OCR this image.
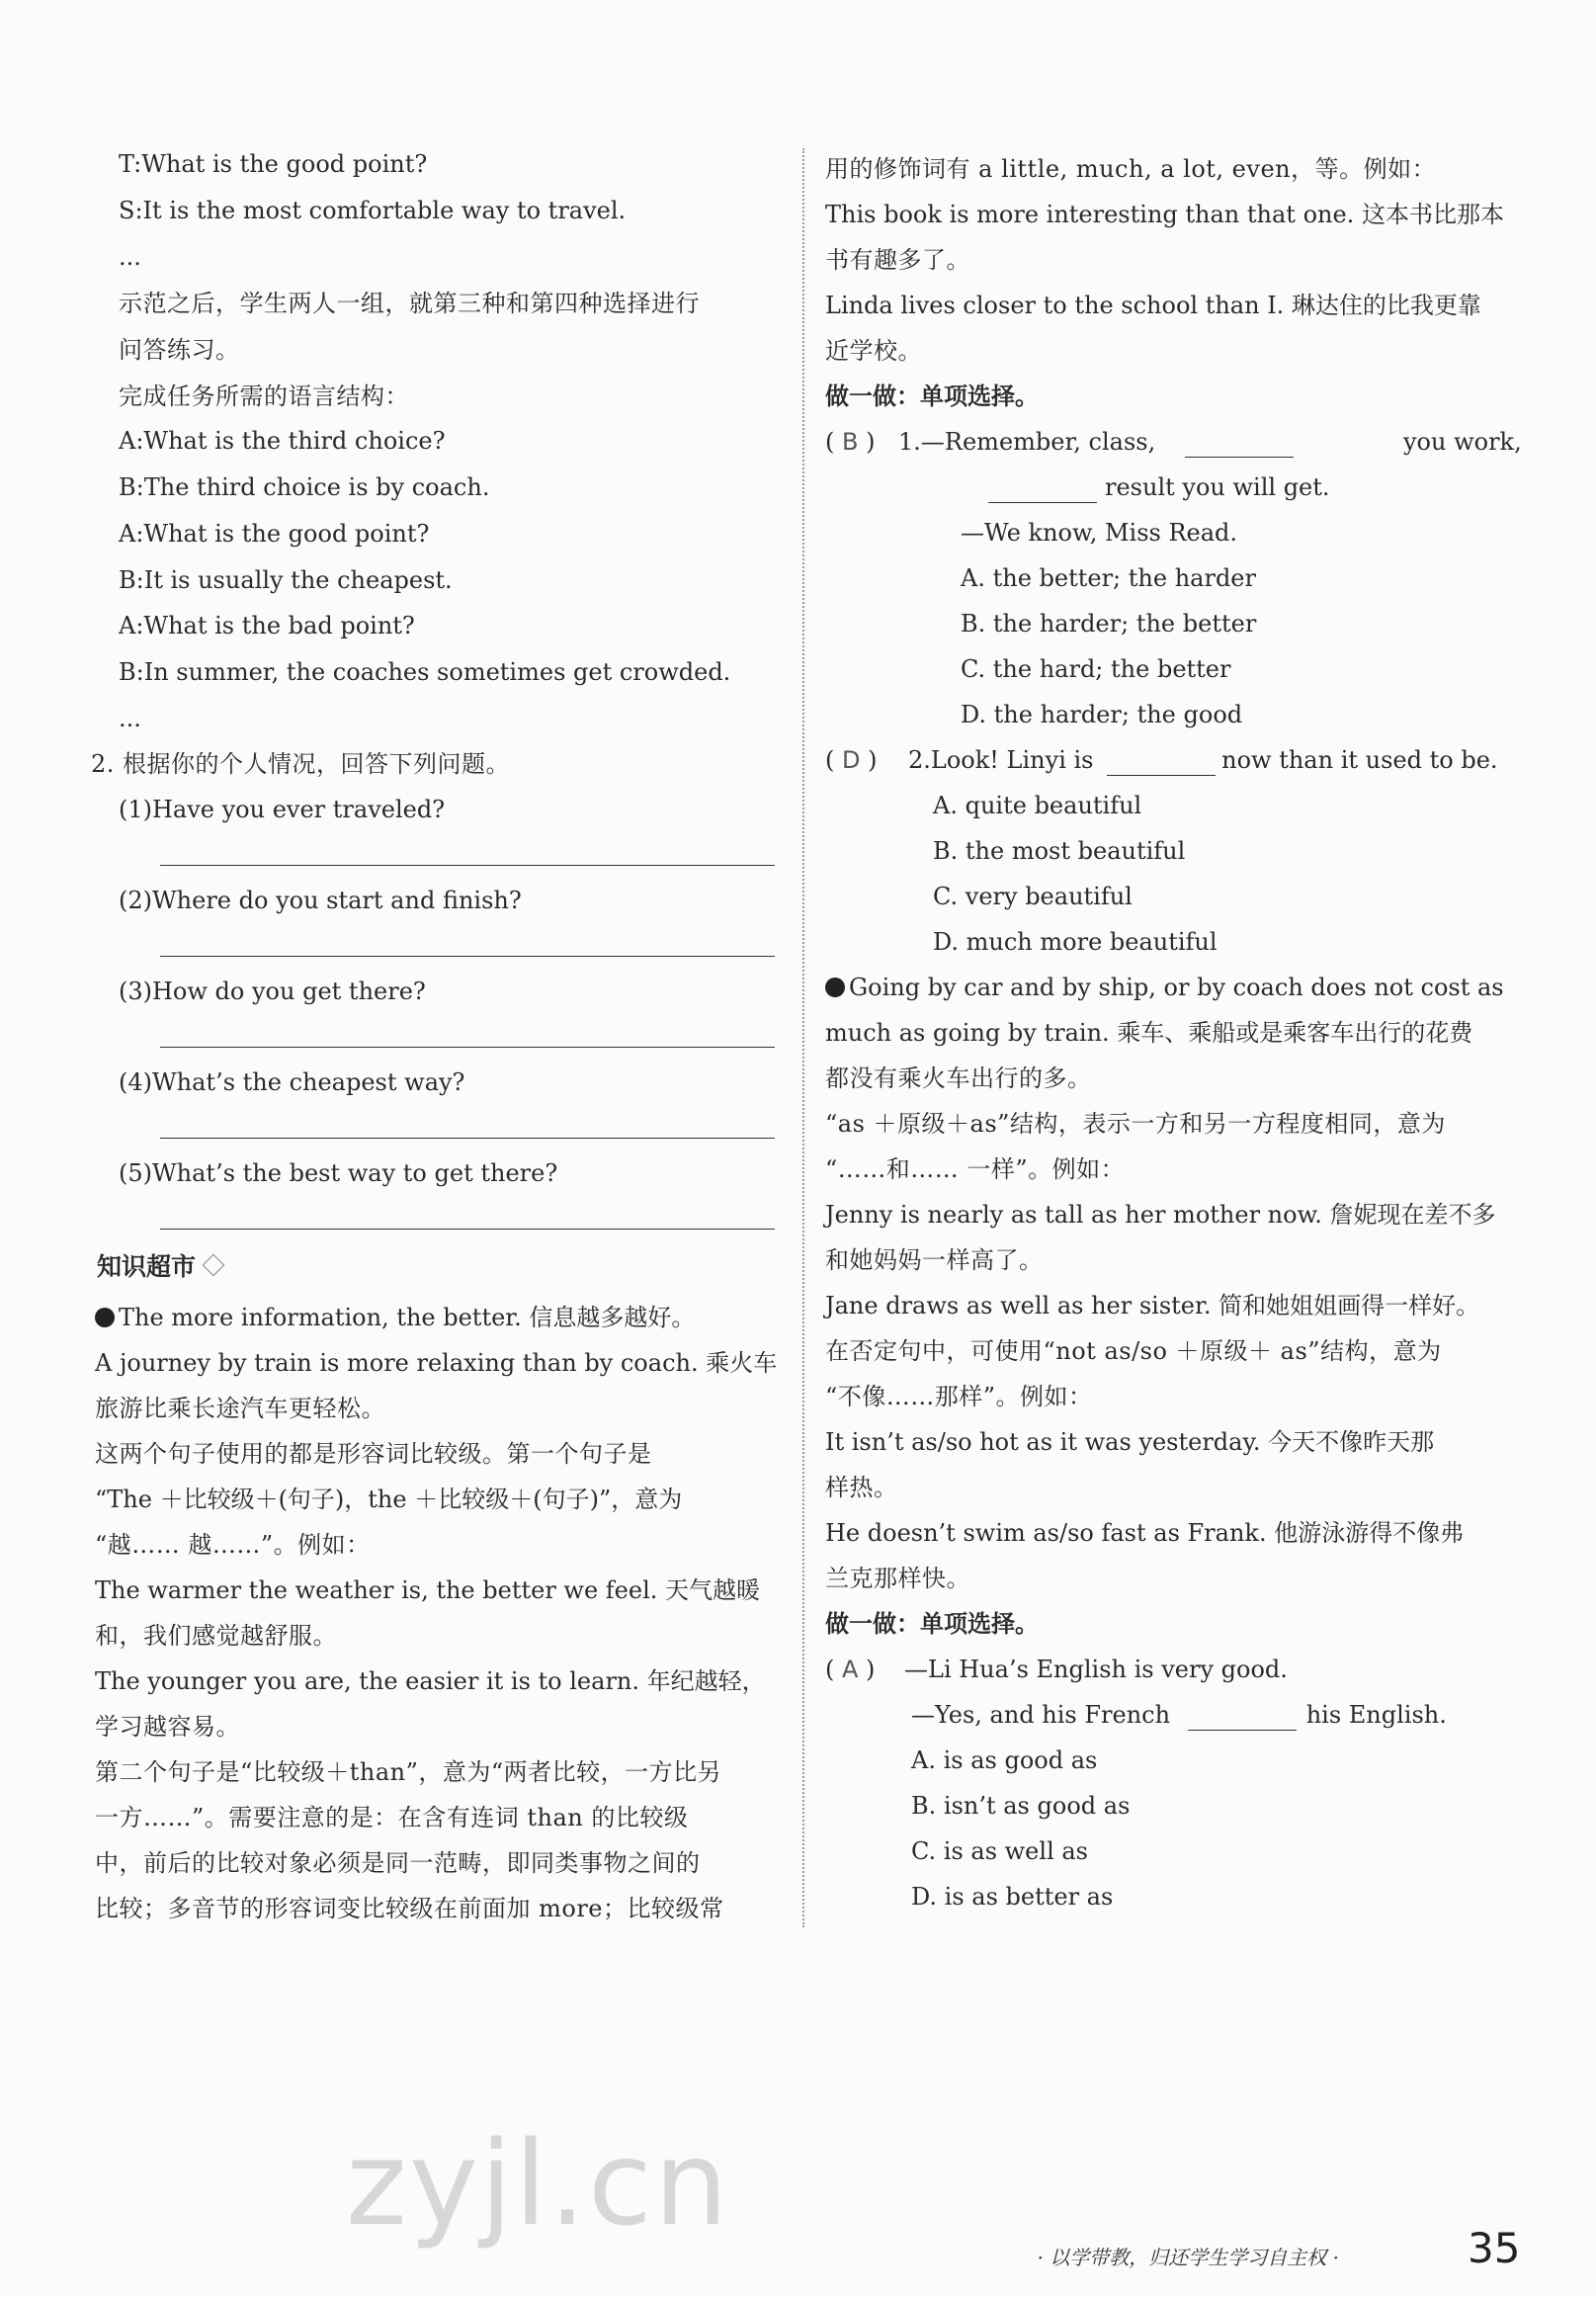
T:What is the good point?
S:It is the most comfortable way to travel.
...
示范之后，学生两人一组，就第三种和第四种选择进行
问答练习。
完成任务所需的语言结构：
A:What is the third choice?
B:The third choice is by coach.
A:What is the good point?
B:It is usually the cheapest.
A:What is the bad point?
B:In summer, the coaches sometimes get crowded.
...
2. 根据你的个人情况，回答下列问题。
(1)Have you ever traveled?
(2)Where do you start and finish?
(3)How do you get there?
(4)What’s the cheapest way?
(5)What’s the best way to get there?
知识超市
The more information, the better. 信息越多越好。
A journey by train is more relaxing than by coach. 乘火车
旅游比乘长途汽车更轻松。
这两个句子使用的都是形容词比较级。第一个句子是
“The ＋比较级＋(句子)，the ＋比较级＋(句子)”，意为
“越…… 越……”。例如：
The warmer the weather is, the better we feel. 天气越暖
和，我们感觉越舒服。
The younger you are, the easier it is to learn. 年纪越轻，
学习越容易。
第二个句子是“比较级＋than”，意为“两者比较，一方比另
一方……”。需要注意的是：在含有连词 than 的比较级
中，前后的比较对象必须是同一范畴，即同类事物之间的
比较；多音节的形容词变比较级在前面加 more；比较级常
用的修饰词有 a little, much, a lot, even，等。例如：
This book is more interesting than that one. 这本书比那本
书有趣多了。
Linda lives closer to the school than I. 琳达住的比我更靠
近学校。
做一做：单项选择。
( B ) 1.—Remember, class,	you work,
result you will get.
—We know, Miss Read.
A. the better; the harder
B. the harder; the better
C. the hard; the better
D. the harder; the good
( D ) 2.Look! Linyi is	now than it used to be.
A. quite beautiful
B. the most beautiful
C. very beautiful
D. much more beautiful
Going by car and by ship, or by coach does not cost as
much as going by train. 乘车、乘船或是乘客车出行的花费
都没有乘火车出行的多。
“as ＋原级＋as”结构，表示一方和另一方程度相同，意为
“……和…… 一样”。例如：
Jenny is nearly as tall as her mother now. 詹妮现在差不多
和她妈妈一样高了。
Jane draws as well as her sister. 简和她姐姐画得一样好。
在否定句中，可使用“not as/so ＋原级＋ as”结构，意为
“不像……那样”。例如：
It isn’t as/so hot as it was yesterday. 今天不像昨天那
样热。
He doesn’t swim as/so fast as Frank. 他游泳游得不像弗
兰克那样快。
做一做：单项选择。
( A ) —Li Hua’s English is very good.
—Yes, and his French	his English.
A. is as good as
B. isn’t as good as
C. is as well as
D. is as better as
zyjl.cn
· 以学带教，归还学生学习自主权 ·	35
